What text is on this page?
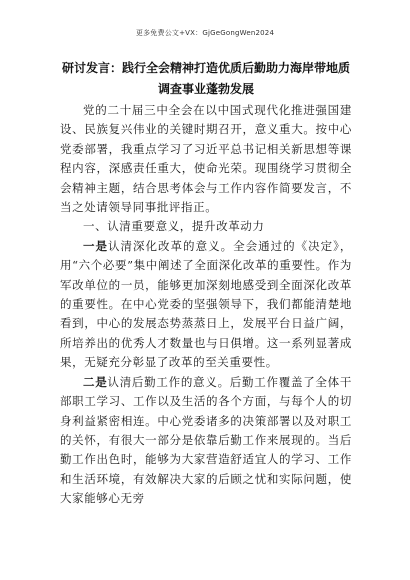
更多免费公文+VX：GjGeGongWen2024
研讨发言：践行全会精神打造优质后勤助力海岸带地质调查事业蓬勃发展

党的二十届三中全会在以中国式现代化推进强国建设、民族复兴伟业的关键时期召开，意义重大。按中心党委部署，我重点学习了习近平总书记相关新思想等课程内容，深感责任重大，使命光荣。现围绕学习贯彻全会精神主题，结合思考体会与工作内容作简要发言，不当之处请领导同事批评指正。

一、认清重要意义，提升改革动力

一是认清深化改革的意义。全会通过的《决定》，用“六个必要”集中阐述了全面深化改革的重要性。作为军改单位的一员，能够更加深刻地感受到全面深化改革的重要性。在中心党委的坚强领导下，我们都能清楚地看到，中心的发展态势蒸蒸日上，发展平台日益广阔，所培养出的优秀人才数量也与日俱增。这一系列显著成果，无疑充分彰显了改革的至关重要性。

二是认清后勤工作的意义。后勤工作覆盖了全体干部职工学习、工作以及生活的各个方面，与每个人的切身利益紧密相连。中心党委诸多的决策部署以及对职工的关怀，有很大一部分是依靠后勤工作来展现的。当后勤工作出色时，能够为大家营造舒适宜人的学习、工作和生活环境，有效解决大家的后顾之忧和实际问题，使大家能够心无旁
